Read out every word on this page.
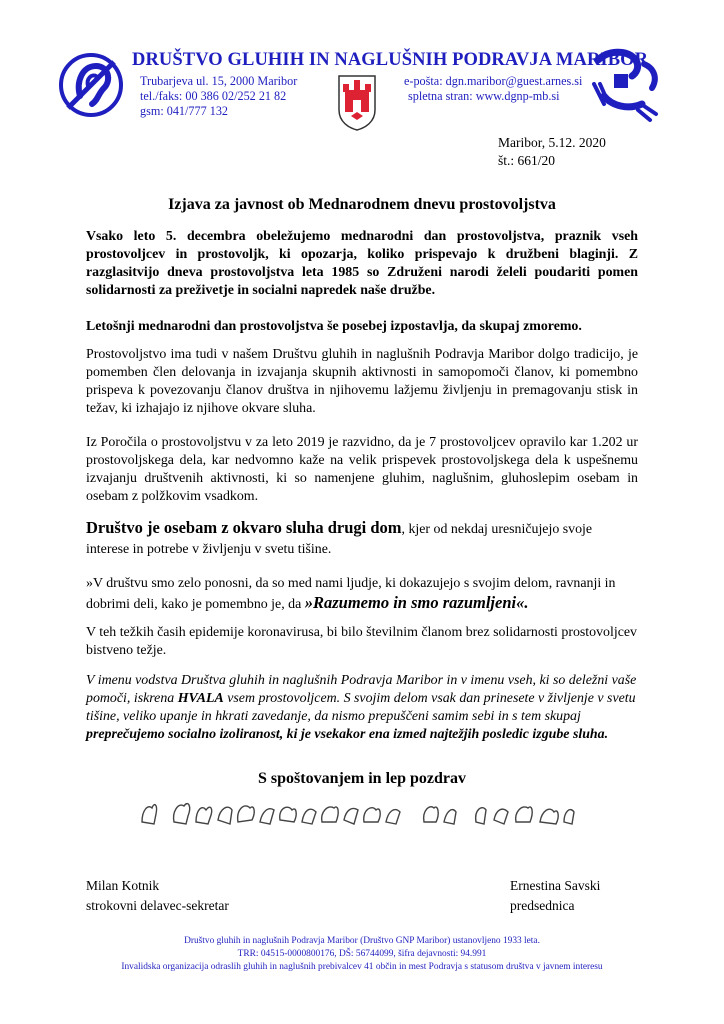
DRUŠTVO GLUHIH IN NAGLUŠNIH PODRAVJA MARIBOR
Trubarjeva ul. 15, 2000 Maribor
tel./faks: 00 386 02/252 21 82
gsm: 041/777 132
e-pošta: dgn.maribor@guest.arnes.si
spletna stran: www.dgnp-mb.si
Maribor, 5.12. 2020
št.: 661/20
Izjava za javnost ob Mednarodnem dnevu prostovoljstva
Vsako leto 5. decembra obeležujemo mednarodni dan prostovoljstva, praznik vseh prostovoljcev in prostovoljk, ki opozarja, koliko prispevajo k družbeni blaginji. Z razglasitvijo dneva prostovoljstva leta 1985 so Združeni narodi želeli poudariti pomen solidarnosti za preživetje in socialni napredek naše družbe.
Letošnji mednarodni dan prostovoljstva še posebej izpostavlja, da skupaj zmoremo.
Prostovoljstvo ima tudi v našem Društvu gluhih in naglušnih Podravja Maribor dolgo tradicijo, je pomemben člen delovanja in izvajanja skupnih aktivnosti in samopomoči članov, ki pomembno prispeva k povezovanju članov društva in njihovemu lažjemu življenju in premagovanju stisk in težav, ki izhajajo iz njihove okvare sluha.
Iz Poročila o prostovoljstvu v za leto 2019 je razvidno, da je 7 prostovoljcev opravilo kar 1.202 ur prostovoljskega dela, kar nedvomno kaže na velik prispevek prostovoljskega dela k uspešnemu izvajanju društvenih aktivnosti, ki so namenjene gluhim, naglušnim, gluhoslepim osebam in osebam z polžkovim vsadkom.
Društvo je osebam z okvaro sluha drugi dom, kjer od nekdaj uresničujejo svoje interese in potrebe v življenju v svetu tišine.
»V društvu smo zelo ponosni, da so med nami ljudje, ki dokazujejo s svojim delom, ravnanji in dobrimi deli, kako je pomembno je, da »Razumemo in smo razumljeni«.
V teh težkih časih epidemije koronavirusa, bi bilo številnim članom brez solidarnosti prostovoljcev bistveno težje.
V imenu vodstva Društva gluhih in naglušnih Podravja Maribor in v imenu vseh, ki so deležni vaše pomoči, iskrena HVALA vsem prostovoljcem. S svojim delom vsak dan prinesete v življenje v svetu tišine, veliko upanje in hkrati zavedanje, da nismo prepuščeni samim sebi in s tem skupaj preprečujemo socialno izoliranost, ki je vsekakor ena izmed najtežjih posledic izgube sluha.
S spoštovanjem in lep pozdrav
Milan Kotnik
strokovni delavec-sekretar
Ernestina Savski
predsednica
Društvo gluhih in naglušnih Podravja Maribor (Društvo GNP Maribor) ustanovljeno 1933 leta.
TRR: 04515-0000800176, DŠ: 56744099, šifra dejavnosti: 94.991
Invalidska organizacija odraslih gluhih in naglušnih prebivalcev 41 občin in mest Podravja s statusom društva v javnem interesu
